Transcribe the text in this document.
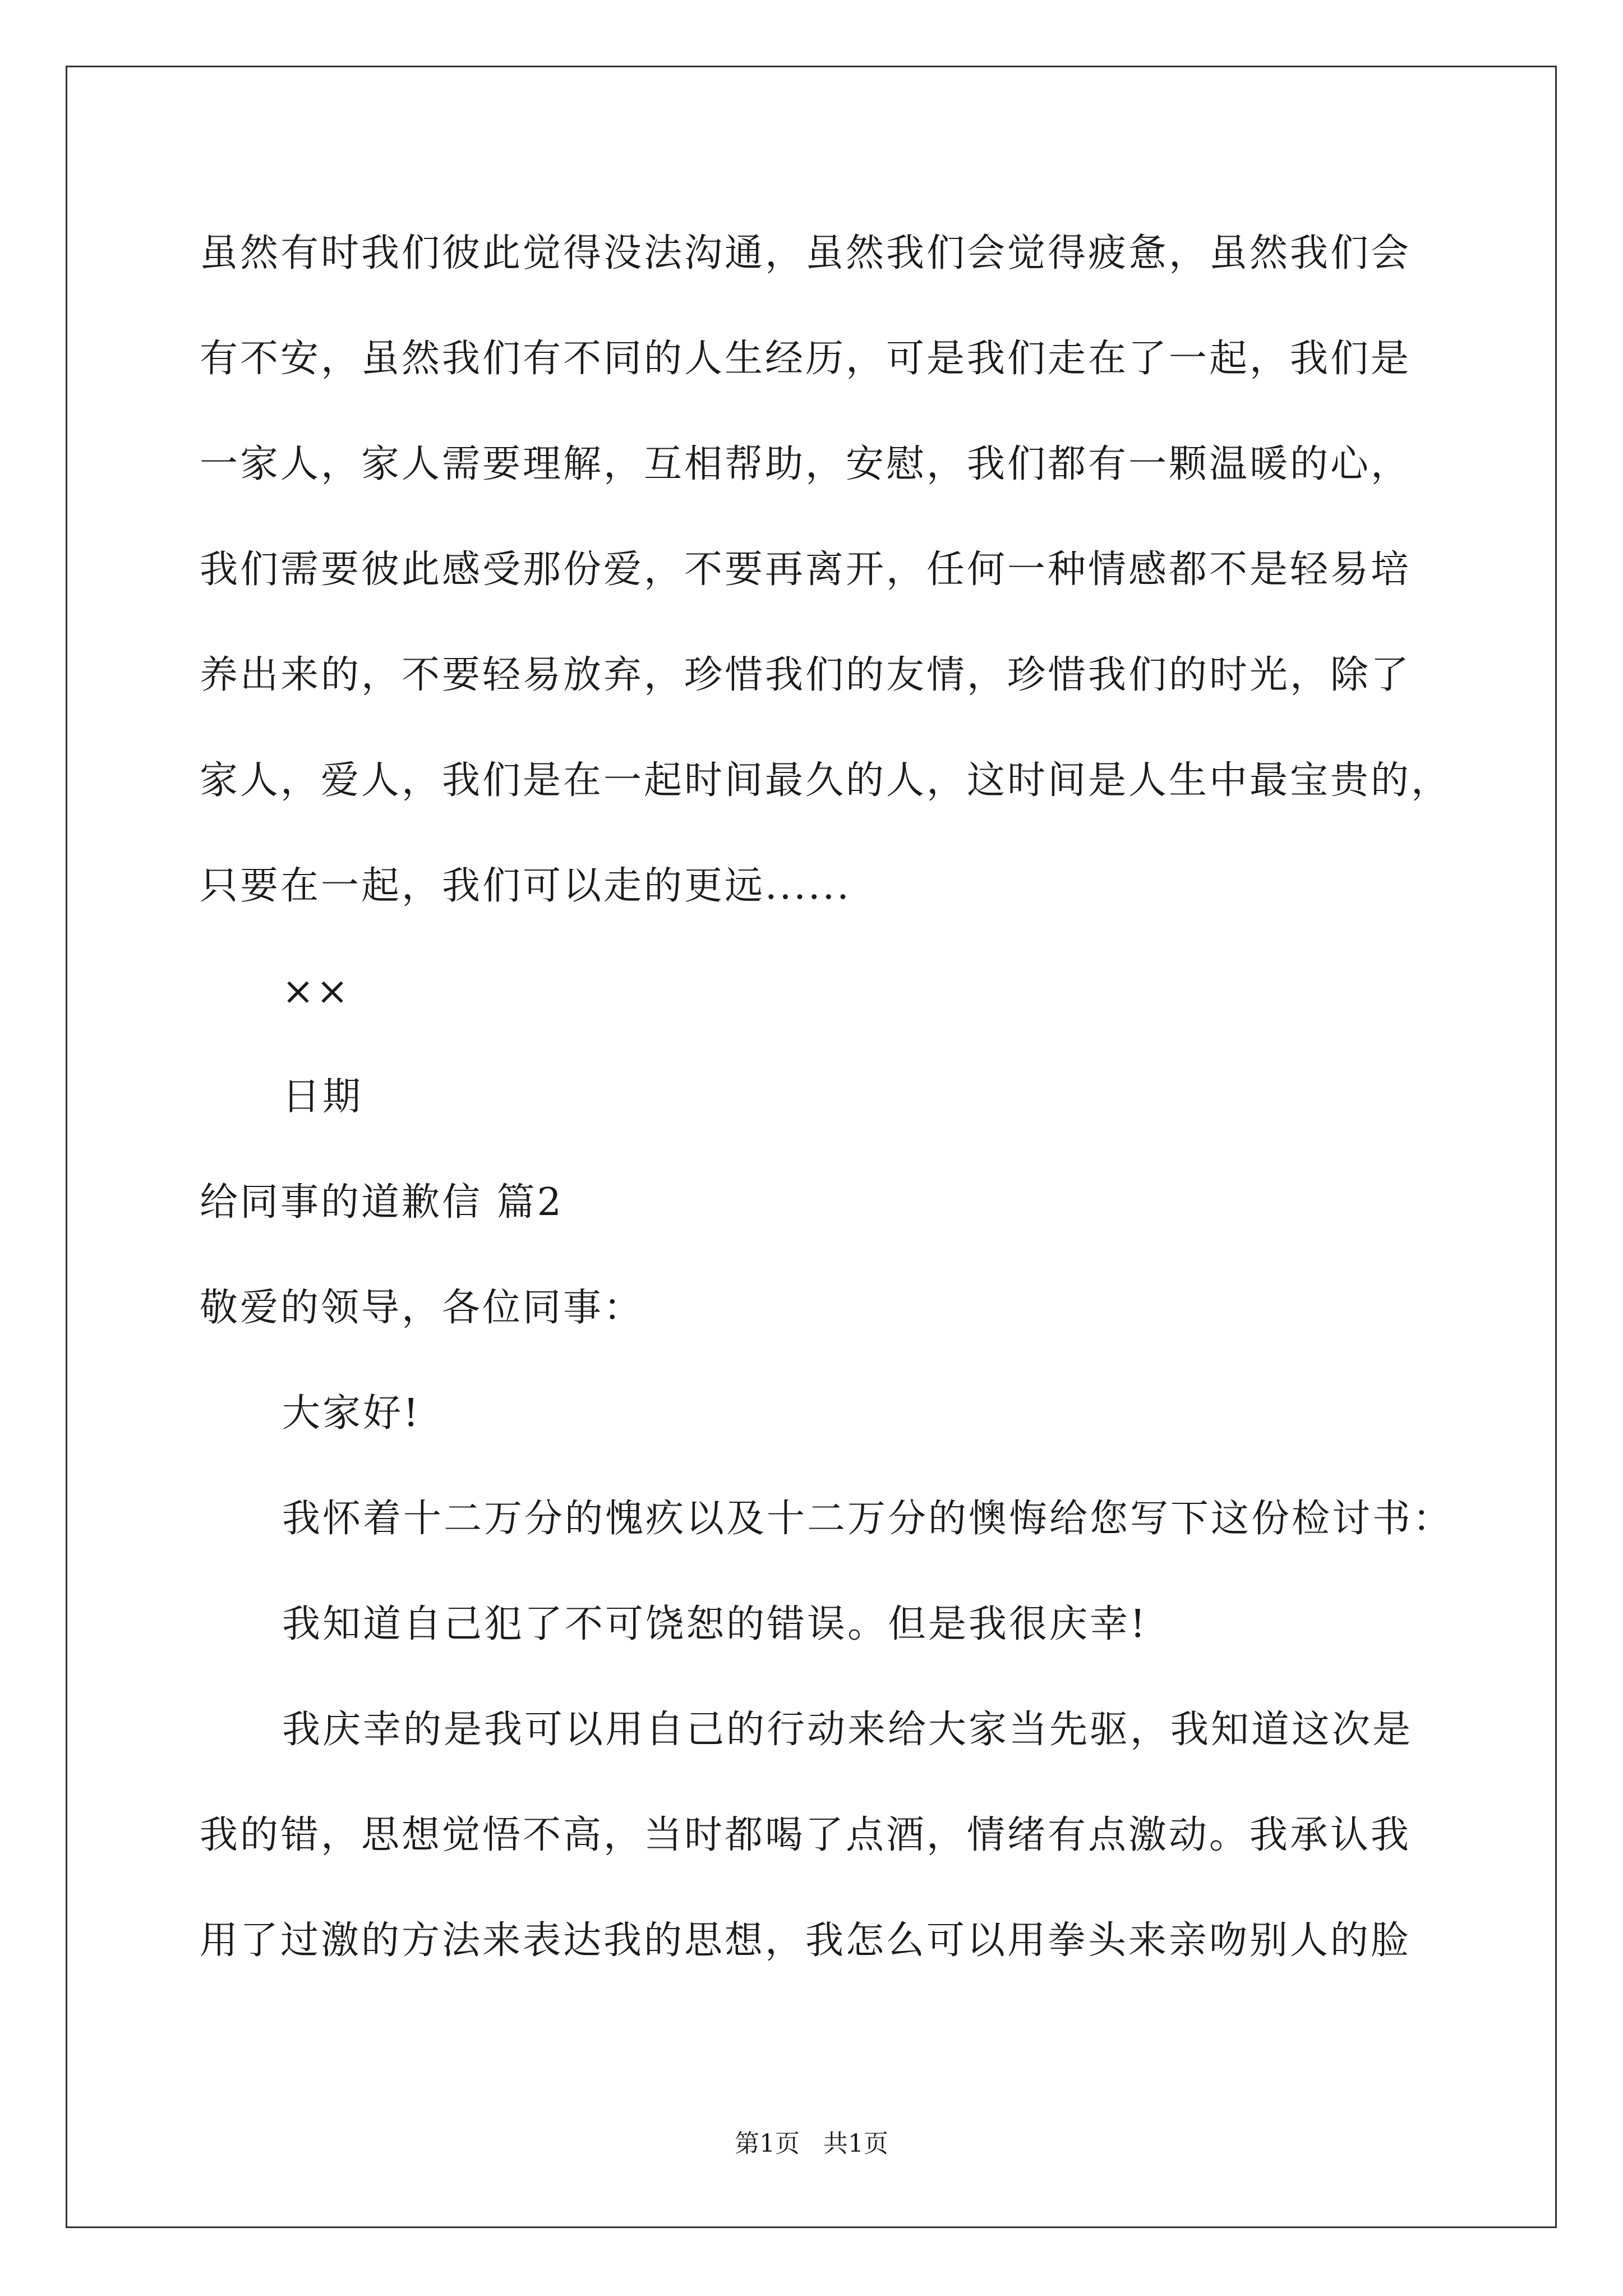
虽然有时我们彼此觉得没法沟通，虽然我们会觉得疲惫，虽然我们会
有不安，虽然我们有不同的人生经历，可是我们走在了一起，我们是
一家人，家人需要理解，互相帮助，安慰，我们都有一颗温暖的心，
我们需要彼此感受那份爱，不要再离开，任何一种情感都不是轻易培
养出来的，不要轻易放弃，珍惜我们的友情，珍惜我们的时光，除了
家人，爱人，我们是在一起时间最久的人，这时间是人生中最宝贵的，
只要在一起，我们可以走的更远......
××
日期
给同事的道歉信 篇2
敬爱的领导，各位同事：
大家好!
我怀着十二万分的愧疚以及十二万分的懊悔给您写下这份检讨书：
我知道自己犯了不可饶恕的错误。但是我很庆幸!
我庆幸的是我可以用自己的行动来给大家当先驱，我知道这次是
我的错，思想觉悟不高，当时都喝了点酒，情绪有点激动。我承认我
用了过激的方法来表达我的思想，我怎么可以用拳头来亲吻别人的脸
第1页   共1页
